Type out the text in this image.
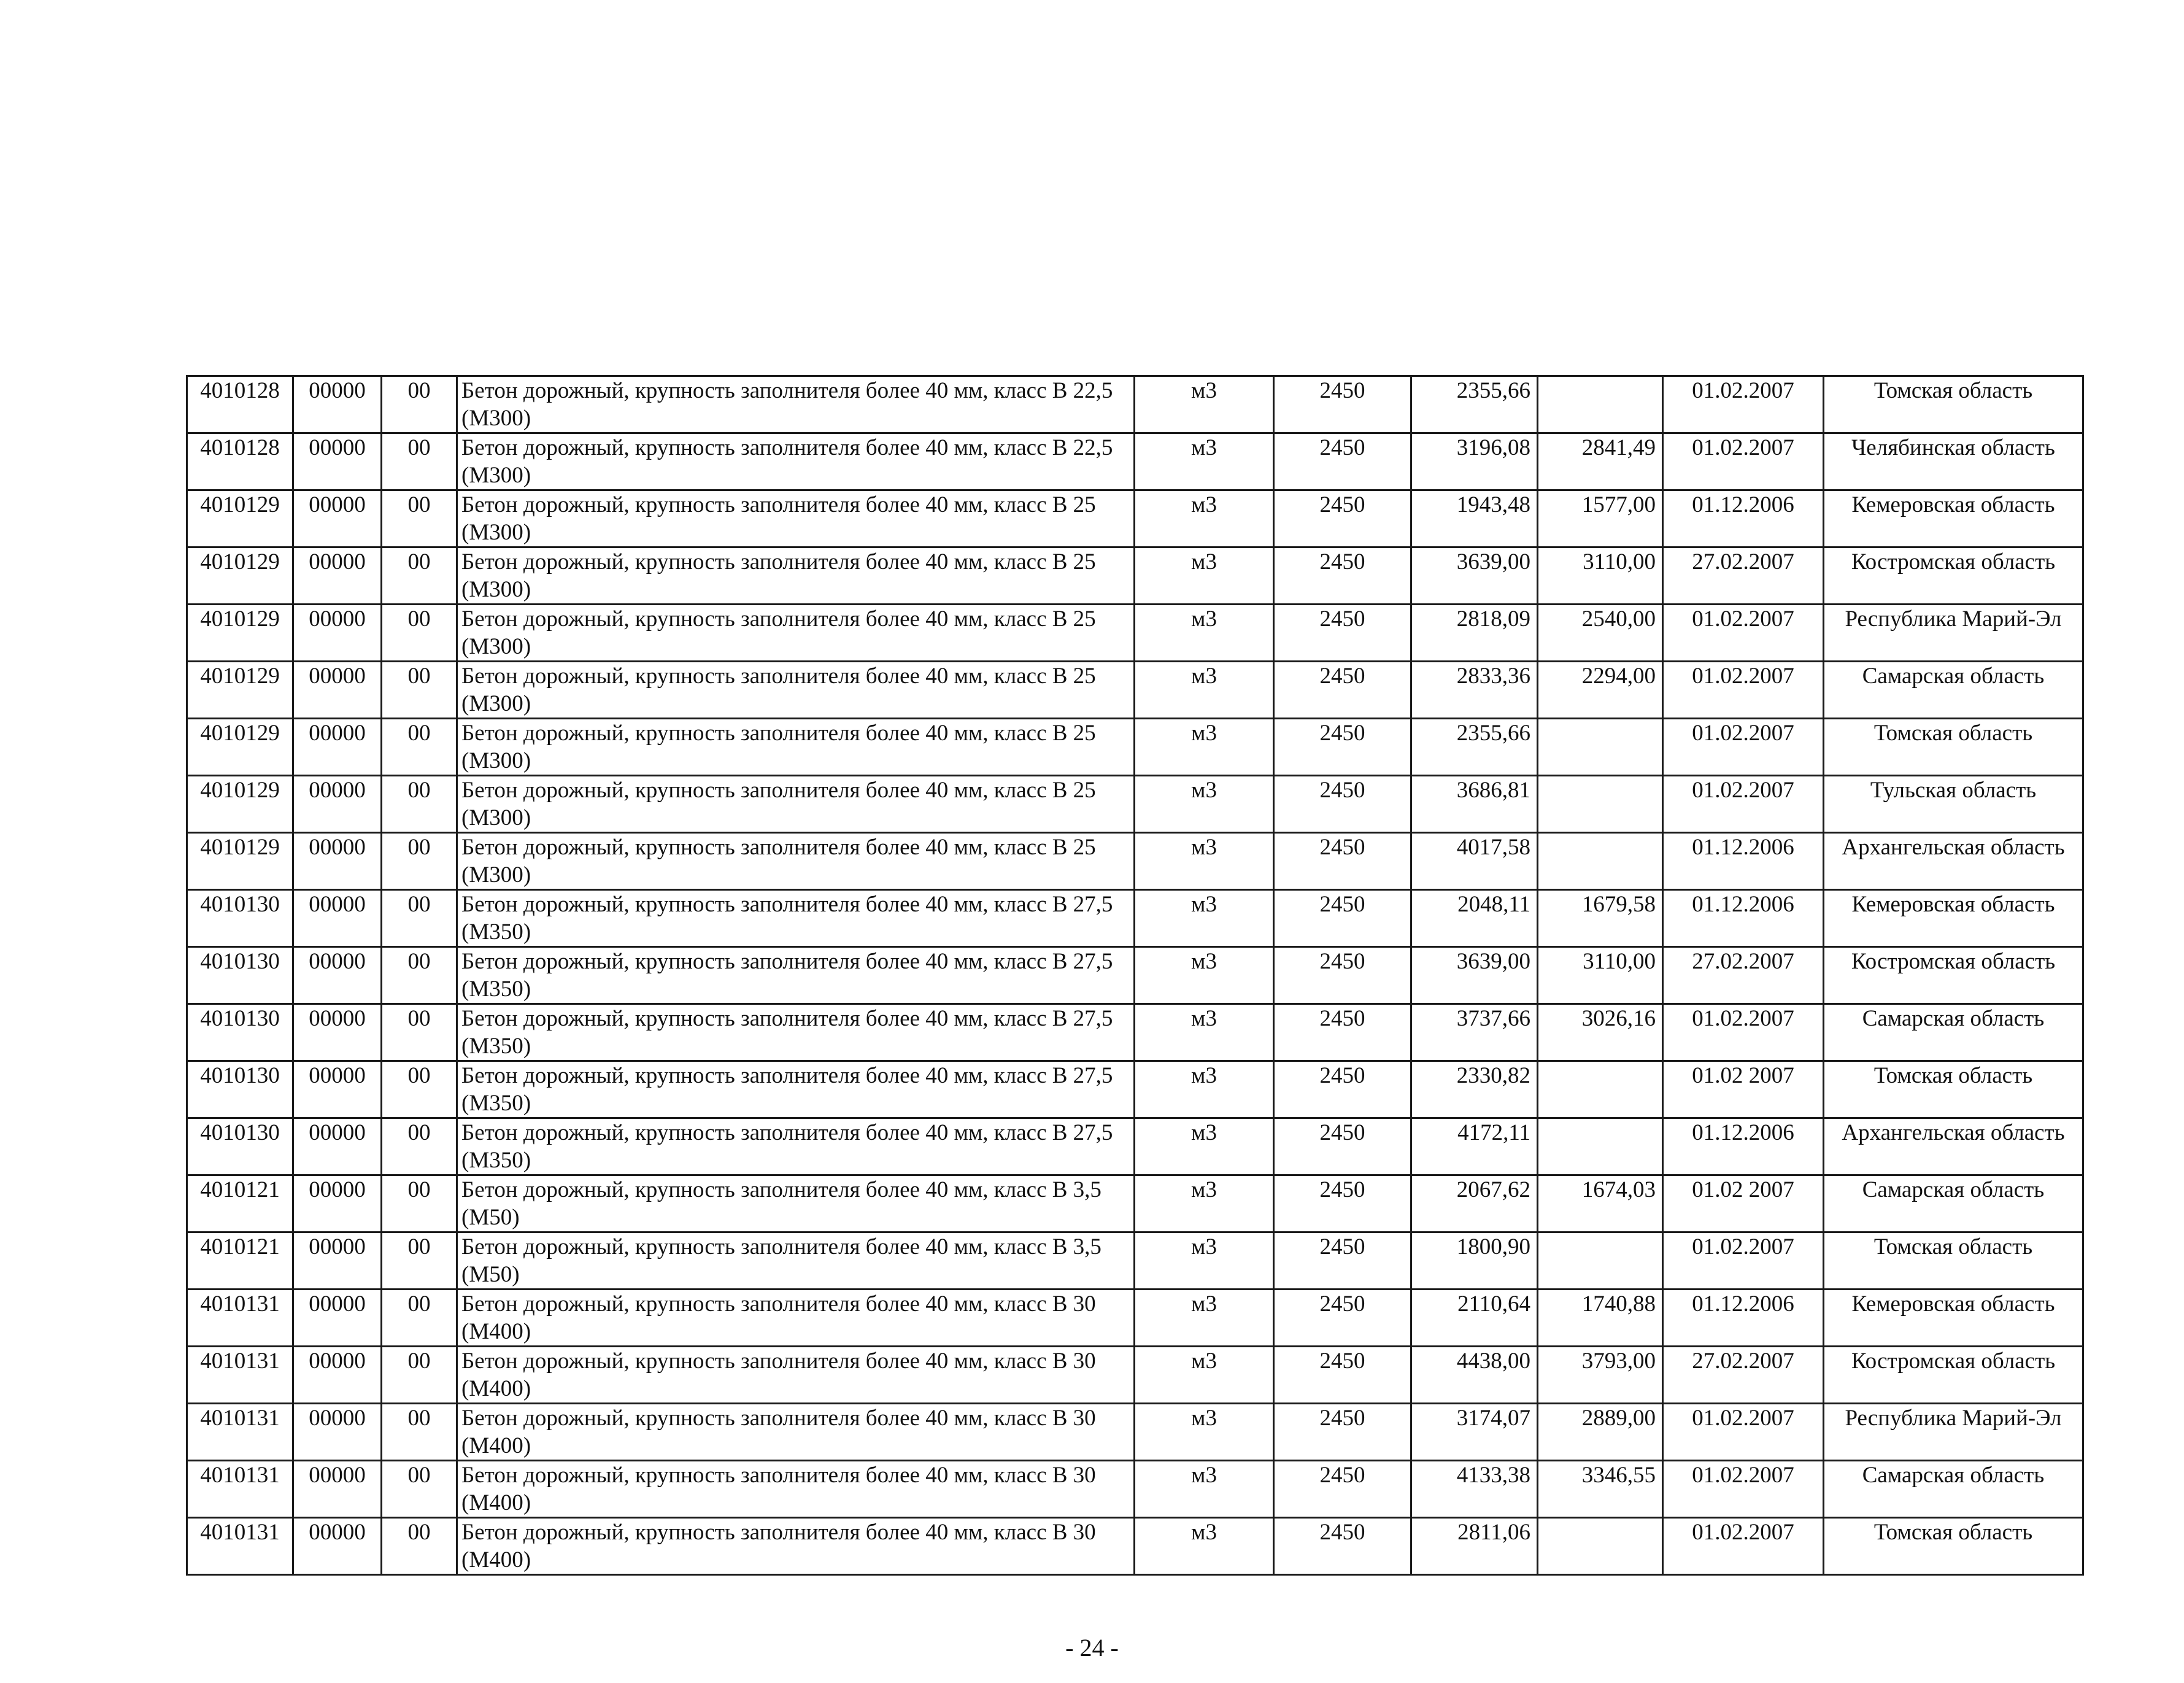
4010128	00000	00	Бетон дорожный, крупность заполнителя более 40 мм, класс В 22,5 (М300)	м3	2450	2355,66		01.02.2007	Томская область
4010128	00000	00	Бетон дорожный, крупность заполнителя более 40 мм, класс В 22,5 (М300)	м3	2450	3196,08	2841,49	01.02.2007	Челябинская область
4010129	00000	00	Бетон дорожный, крупность заполнителя более 40 мм, класс В 25 (М300)	м3	2450	1943,48	1577,00	01.12.2006	Кемеровская область
4010129	00000	00	Бетон дорожный, крупность заполнителя более 40 мм, класс В 25 (М300)	м3	2450	3639,00	3110,00	27.02.2007	Костромская область
4010129	00000	00	Бетон дорожный, крупность заполнителя более 40 мм, класс В 25 (М300)	м3	2450	2818,09	2540,00	01.02.2007	Республика Марий-Эл
4010129	00000	00	Бетон дорожный, крупность заполнителя более 40 мм, класс В 25 (М300)	м3	2450	2833,36	2294,00	01.02.2007	Самарская область
4010129	00000	00	Бетон дорожный, крупность заполнителя более 40 мм, класс В 25 (М300)	м3	2450	2355,66		01.02.2007	Томская область
4010129	00000	00	Бетон дорожный, крупность заполнителя более 40 мм, класс В 25 (М300)	м3	2450	3686,81		01.02.2007	Тульская область
4010129	00000	00	Бетон дорожный, крупность заполнителя более 40 мм, класс В 25 (М300)	м3	2450	4017,58		01.12.2006	Архангельская область
4010130	00000	00	Бетон дорожный, крупность заполнителя более 40 мм, класс В 27,5 (М350)	м3	2450	2048,11	1679,58	01.12.2006	Кемеровская область
4010130	00000	00	Бетон дорожный, крупность заполнителя более 40 мм, класс В 27,5 (М350)	м3	2450	3639,00	3110,00	27.02.2007	Костромская область
4010130	00000	00	Бетон дорожный, крупность заполнителя более 40 мм, класс В 27,5 (М350)	м3	2450	3737,66	3026,16	01.02.2007	Самарская область
4010130	00000	00	Бетон дорожный, крупность заполнителя более 40 мм, класс В 27,5 (М350)	м3	2450	2330,82		01.02 2007	Томская область
4010130	00000	00	Бетон дорожный, крупность заполнителя более 40 мм, класс В 27,5 (М350)	м3	2450	4172,11		01.12.2006	Архангельская область
4010121	00000	00	Бетон дорожный, крупность заполнителя более 40 мм, класс В 3,5 (М50)	м3	2450	2067,62	1674,03	01.02 2007	Самарская область
4010121	00000	00	Бетон дорожный, крупность заполнителя более 40 мм, класс В 3,5 (М50)	м3	2450	1800,90		01.02.2007	Томская область
4010131	00000	00	Бетон дорожный, крупность заполнителя более 40 мм, класс В 30 (М400)	м3	2450	2110,64	1740,88	01.12.2006	Кемеровская область
4010131	00000	00	Бетон дорожный, крупность заполнителя более 40 мм, класс В 30 (М400)	м3	2450	4438,00	3793,00	27.02.2007	Костромская область
4010131	00000	00	Бетон дорожный, крупность заполнителя более 40 мм, класс В 30 (М400)	м3	2450	3174,07	2889,00	01.02.2007	Республика Марий-Эл
4010131	00000	00	Бетон дорожный, крупность заполнителя более 40 мм, класс В 30 (М400)	м3	2450	4133,38	3346,55	01.02.2007	Самарская область
4010131	00000	00	Бетон дорожный, крупность заполнителя более 40 мм, класс В 30 (М400)	м3	2450	2811,06		01.02.2007	Томская область
- 24 -
